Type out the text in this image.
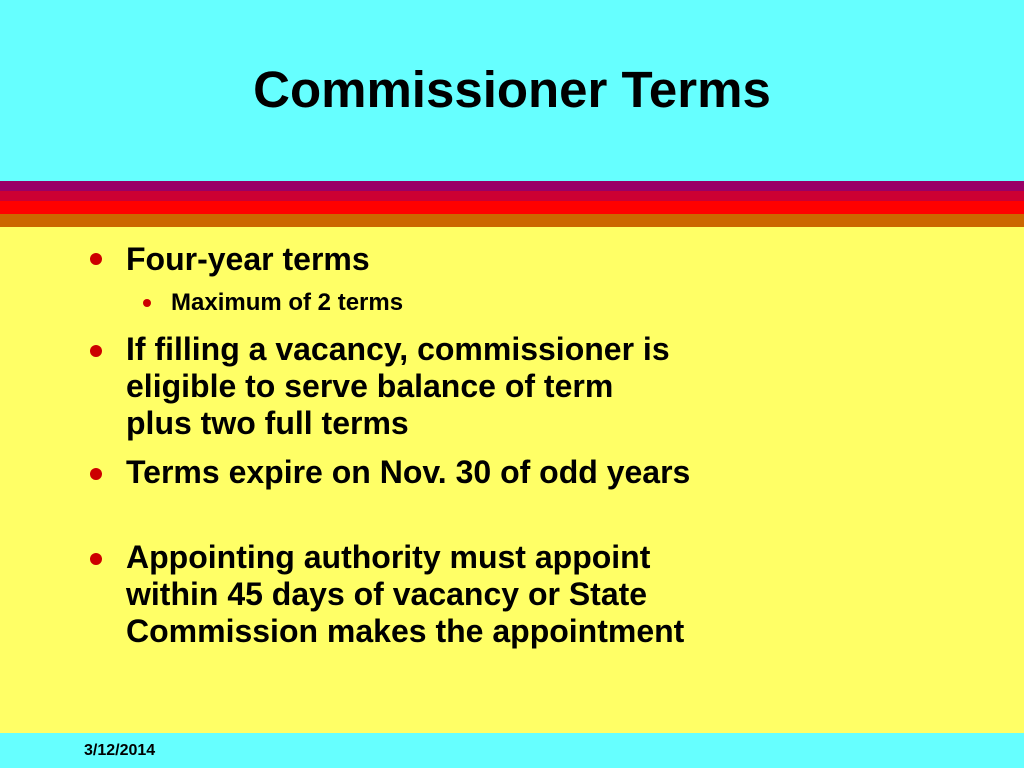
Commissioner Terms
Four-year terms
Maximum of 2 terms
If filling a vacancy, commissioner is
eligible to serve balance of term
plus two full terms
Terms expire on Nov. 30 of odd years
Appointing authority must appoint
within 45 days of vacancy or State
Commission makes the appointment
3/12/2014
